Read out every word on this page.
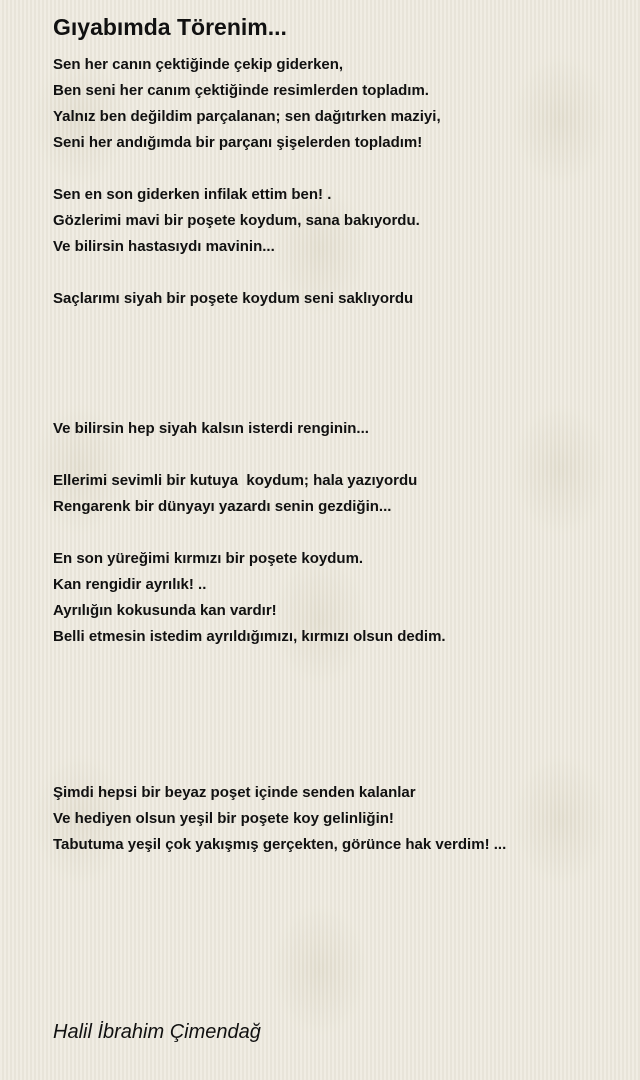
Gıyabımda Törenim...
Sen her canın çektiğinde çekip giderken,
Ben seni her canım çektiğinde resimlerden topladım.
Yalnız ben değildim parçalanan; sen dağıtırken maziyi,
Seni her andığımda bir parçanı şişelerden topladım!
Sen en son giderken infilak ettim ben! .
Gözlerimi mavi bir poşete koydum, sana bakıyordu.
Ve bilirsin hastasıydı mavinin...
Saçlarımı siyah bir poşete koydum seni saklıyordu
Ve bilirsin hep siyah kalsın isterdi renginin...
Ellerimi sevimli bir kutuya  koydum; hala yazıyordu
Rengarenk bir dünyayı yazardı senin gezdiğin...
En son yüreğimi kırmızı bir poşete koydum.
Kan rengidir ayrılık! ..
Ayrılığın kokusunda kan vardır!
Belli etmesin istedim ayrıldığımızı, kırmızı olsun dedim.
Şimdi hepsi bir beyaz poşet içinde senden kalanlar
Ve hediyen olsun yeşil bir poşete koy gelinliğin!
Tabutuma yeşil çok yakışmış gerçekten, görünce hak verdim! ...
Halil İbrahim Çimendağ
